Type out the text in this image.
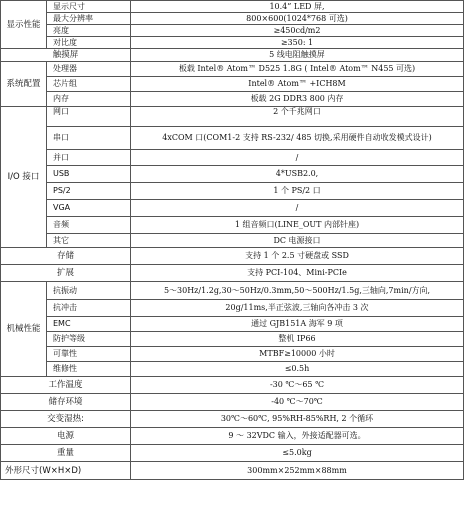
显示性能	显示尺寸	10.4” LED 屏,
	最大分辨率	800×600(1024*768 可选)
	亮度	≥450cd/m2
	对比度	≥350: 1
触摸屏		5 线电阻触摸屏
系统配置	处理器	板载 Intel® Atom™ D525 1.8G ( Intel® Atom™ N455 可选)
	芯片组	Intel® Atom™ +ICH8M
	内存	板载 2G DDR3 800 内存
I/O 接口	网口	2 个千兆网口
	串口	4xCOM 口(COM1-2 支持 RS-232/ 485 切换,采用硬件自动收发模式设计)
	并口	/
	USB	4*USB2.0,
	PS/2	1 个 PS/2 口
	VGA	/
	音频	1 组音频口(LINE_OUT 内部针座)
	其它	DC 电源接口
存储		支持 1 个 2.5 寸硬盘或 SSD
扩展		支持 PCI-104、Mini-PCIe
机械性能	抗振动	5～30Hz/1.2g,30～50Hz/0.3mm,50～500Hz/1.5g,三轴向,7min/方向,
	抗冲击	20g/11ms,半正弦波,三轴向各冲击 3 次
	EMC	通过 GJB151A 海军 9 项
	防护等级	整机 IP66
	可靠性	MTBF≥10000 小时
	维修性	≤0.5h
工作温度		-30 ℃～65 ℃
储存环境		-40 ℃～70℃
交变湿热:		30℃～60℃, 95%RH-85%RH, 2 个循环
电源		9 ～ 32VDC 输入，外接适配器可选。
重量		≤5.0kg
外形尺寸(W×H×D)		300mm×252mm×88mm
